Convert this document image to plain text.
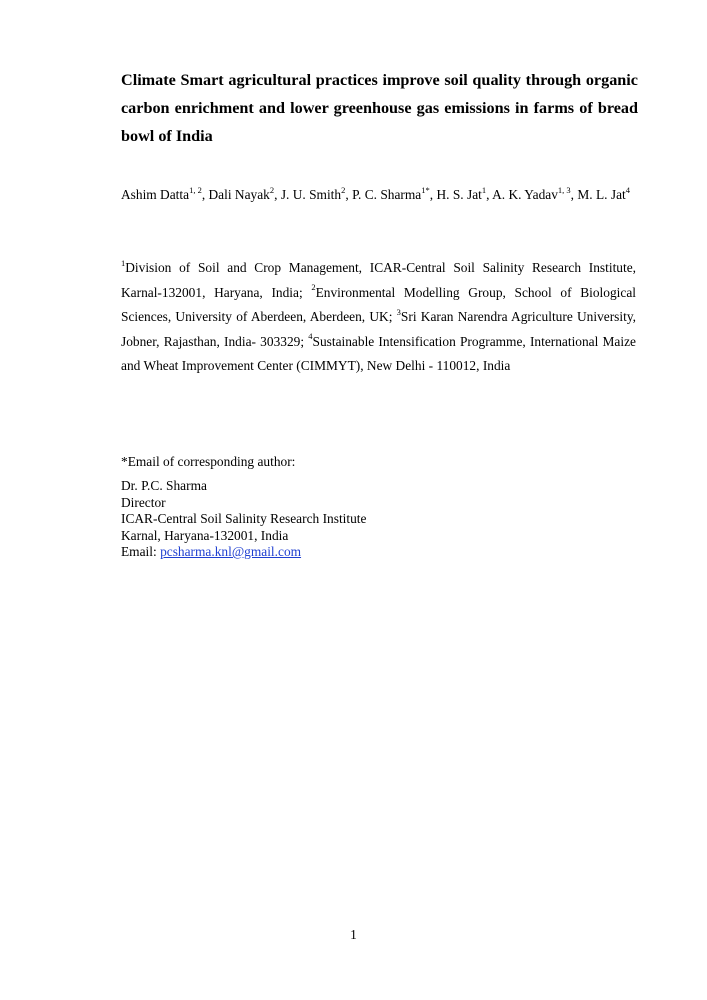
Climate Smart agricultural practices improve soil quality through organic carbon enrichment and lower greenhouse gas emissions in farms of bread bowl of India
Ashim Datta$^{1, 2}$, Dali Nayak$^2$, J. U. Smith$^2$, P. C. Sharma$^{1*}$, H. S. Jat$^1$, A. K. Yadav$^{1, 3}$, M. L. Jat$^4$
$^1$Division of Soil and Crop Management, ICAR-Central Soil Salinity Research Institute, Karnal-132001, Haryana, India; $^2$Environmental Modelling Group, School of Biological Sciences, University of Aberdeen, Aberdeen, UK; $^3$Sri Karan Narendra Agriculture University, Jobner, Rajasthan, India- 303329; $^4$Sustainable Intensification Programme, International Maize and Wheat Improvement Center (CIMMYT), New Delhi - 110012, India
*Email of corresponding author:
Dr. P.C. Sharma
Director
ICAR-Central Soil Salinity Research Institute
Karnal, Haryana-132001, India
Email: pcsharma.knl@gmail.com
1
